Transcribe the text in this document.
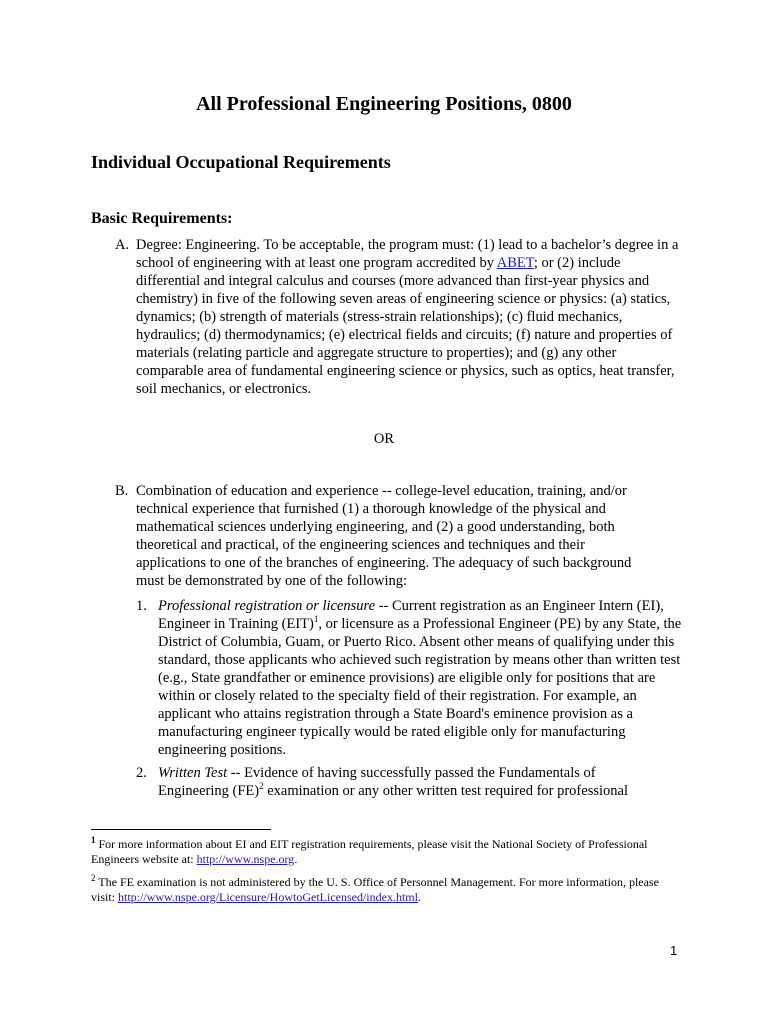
All Professional Engineering Positions, 0800
Individual Occupational Requirements
Basic Requirements:
A. Degree: Engineering. To be acceptable, the program must: (1) lead to a bachelor’s degree in a school of engineering with at least one program accredited by ABET; or (2) include differential and integral calculus and courses (more advanced than first-year physics and chemistry) in five of the following seven areas of engineering science or physics: (a) statics, dynamics; (b) strength of materials (stress-strain relationships); (c) fluid mechanics, hydraulics; (d) thermodynamics; (e) electrical fields and circuits; (f) nature and properties of materials (relating particle and aggregate structure to properties); and (g) any other comparable area of fundamental engineering science or physics, such as optics, heat transfer, soil mechanics, or electronics.
OR
B. Combination of education and experience -- college-level education, training, and/or technical experience that furnished (1) a thorough knowledge of the physical and mathematical sciences underlying engineering, and (2) a good understanding, both theoretical and practical, of the engineering sciences and techniques and their applications to one of the branches of engineering. The adequacy of such background must be demonstrated by one of the following:
1. Professional registration or licensure -- Current registration as an Engineer Intern (EI), Engineer in Training (EIT)$^1$, or licensure as a Professional Engineer (PE) by any State, the District of Columbia, Guam, or Puerto Rico. Absent other means of qualifying under this standard, those applicants who achieved such registration by means other than written test (e.g., State grandfather or eminence provisions) are eligible only for positions that are within or closely related to the specialty field of their registration. For example, an applicant who attains registration through a State Board's eminence provision as a manufacturing engineer typically would be rated eligible only for manufacturing engineering positions.
2. Written Test -- Evidence of having successfully passed the Fundamentals of Engineering (FE)$^2$ examination or any other written test required for professional
$^1$ For more information about EI and EIT registration requirements, please visit the National Society of Professional Engineers website at: http://www.nspe.org.
$^2$ The FE examination is not administered by the U. S. Office of Personnel Management. For more information, please visit: http://www.nspe.org/Licensure/HowtoGetLicensed/index.html.
1
